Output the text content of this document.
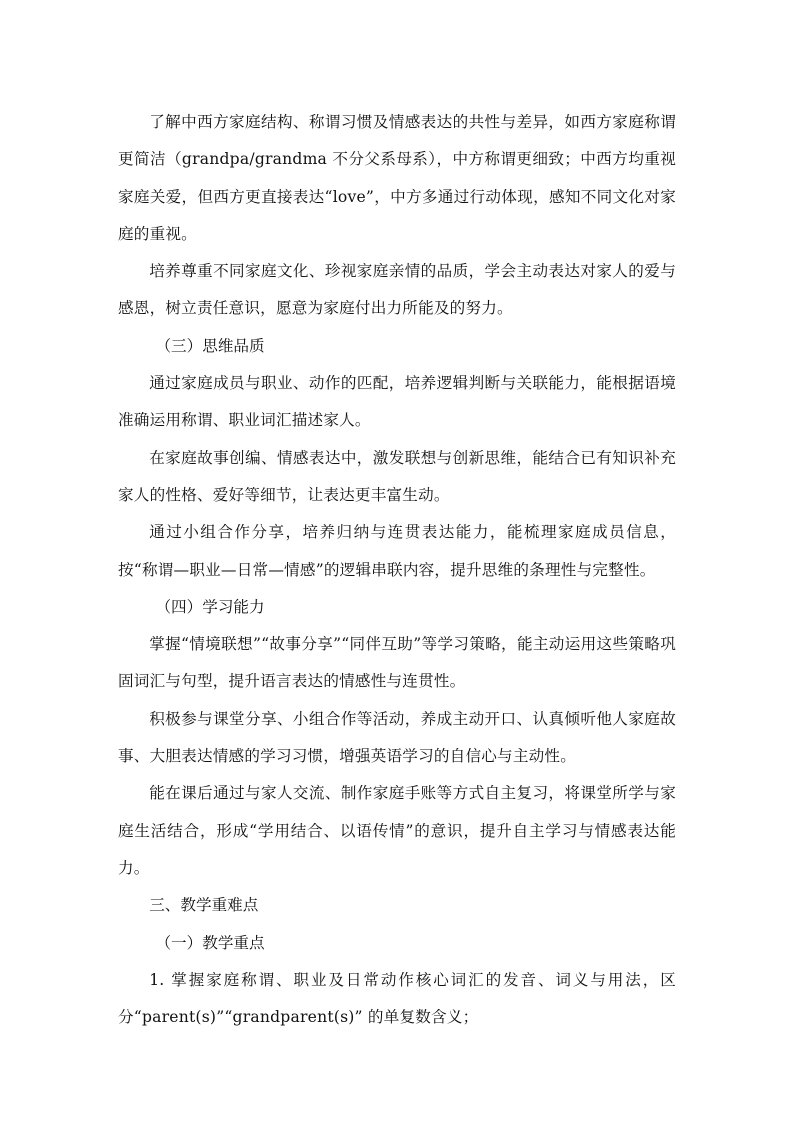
了解中西方家庭结构、称谓习惯及情感表达的共性与差异，如西方家庭称谓更简洁（grandpa/grandma 不分父系母系），中方称谓更细致；中西方均重视家庭关爱，但西方更直接表达“love”，中方多通过行动体现，感知不同文化对家庭的重视。

培养尊重不同家庭文化、珍视家庭亲情的品质，学会主动表达对家人的爱与感恩，树立责任意识，愿意为家庭付出力所能及的努力。

（三）思维品质

通过家庭成员与职业、动作的匹配，培养逻辑判断与关联能力，能根据语境准确运用称谓、职业词汇描述家人。

在家庭故事创编、情感表达中，激发联想与创新思维，能结合已有知识补充家人的性格、爱好等细节，让表达更丰富生动。

通过小组合作分享，培养归纳与连贯表达能力，能梳理家庭成员信息，按“称谓—职业—日常—情感”的逻辑串联内容，提升思维的条理性与完整性。

（四）学习能力

掌握“情境联想”“故事分享”“同伴互助”等学习策略，能主动运用这些策略巩固词汇与句型，提升语言表达的情感性与连贯性。

积极参与课堂分享、小组合作等活动，养成主动开口、认真倾听他人家庭故事、大胆表达情感的学习习惯，增强英语学习的自信心与主动性。

能在课后通过与家人交流、制作家庭手账等方式自主复习，将课堂所学与家庭生活结合，形成“学用结合、以语传情”的意识，提升自主学习与情感表达能力。

三、教学重难点

（一）教学重点

1. 掌握家庭称谓、职业及日常动作核心词汇的发音、词义与用法，区分“parent(s)”“grandparent(s)” 的单复数含义；
